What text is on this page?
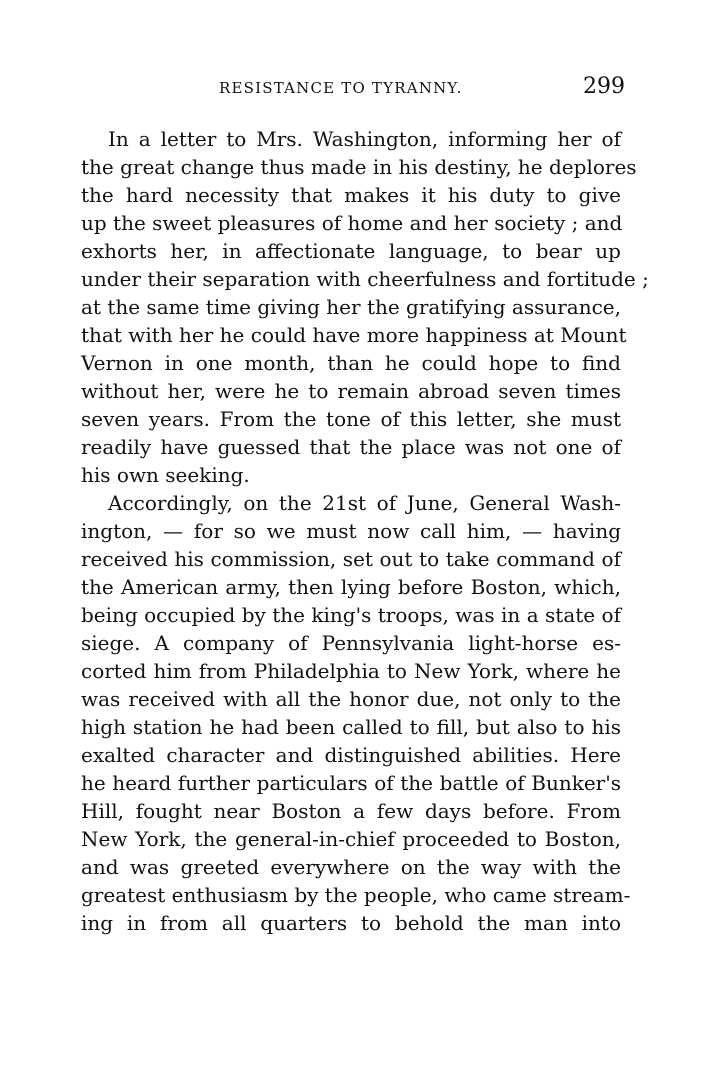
RESISTANCE TO TYRANNY.	299
In a letter to Mrs. Washington, informing her of
the great change thus made in his destiny, he deplores
the hard necessity that makes it his duty to give
up the sweet pleasures of home and her society ; and
exhorts her, in affectionate language, to bear up
under their separation with cheerfulness and fortitude ;
at the same time giving her the gratifying assurance,
that with her he could have more happiness at Mount
Vernon in one month, than he could hope to find
without her, were he to remain abroad seven times
seven years. From the tone of this letter, she must
readily have guessed that the place was not one of
his own seeking.
Accordingly, on the 21st of June, General Wash-
ington, — for so we must now call him, — having
received his commission, set out to take command of
the American army, then lying before Boston, which,
being occupied by the king's troops, was in a state of
siege. A company of Pennsylvania light-horse es-
corted him from Philadelphia to New York, where he
was received with all the honor due, not only to the
high station he had been called to fill, but also to his
exalted character and distinguished abilities. Here
he heard further particulars of the battle of Bunker's
Hill, fought near Boston a few days before. From
New York, the general-in-chief proceeded to Boston,
and was greeted everywhere on the way with the
greatest enthusiasm by the people, who came stream-
ing in from all quarters to behold the man into
